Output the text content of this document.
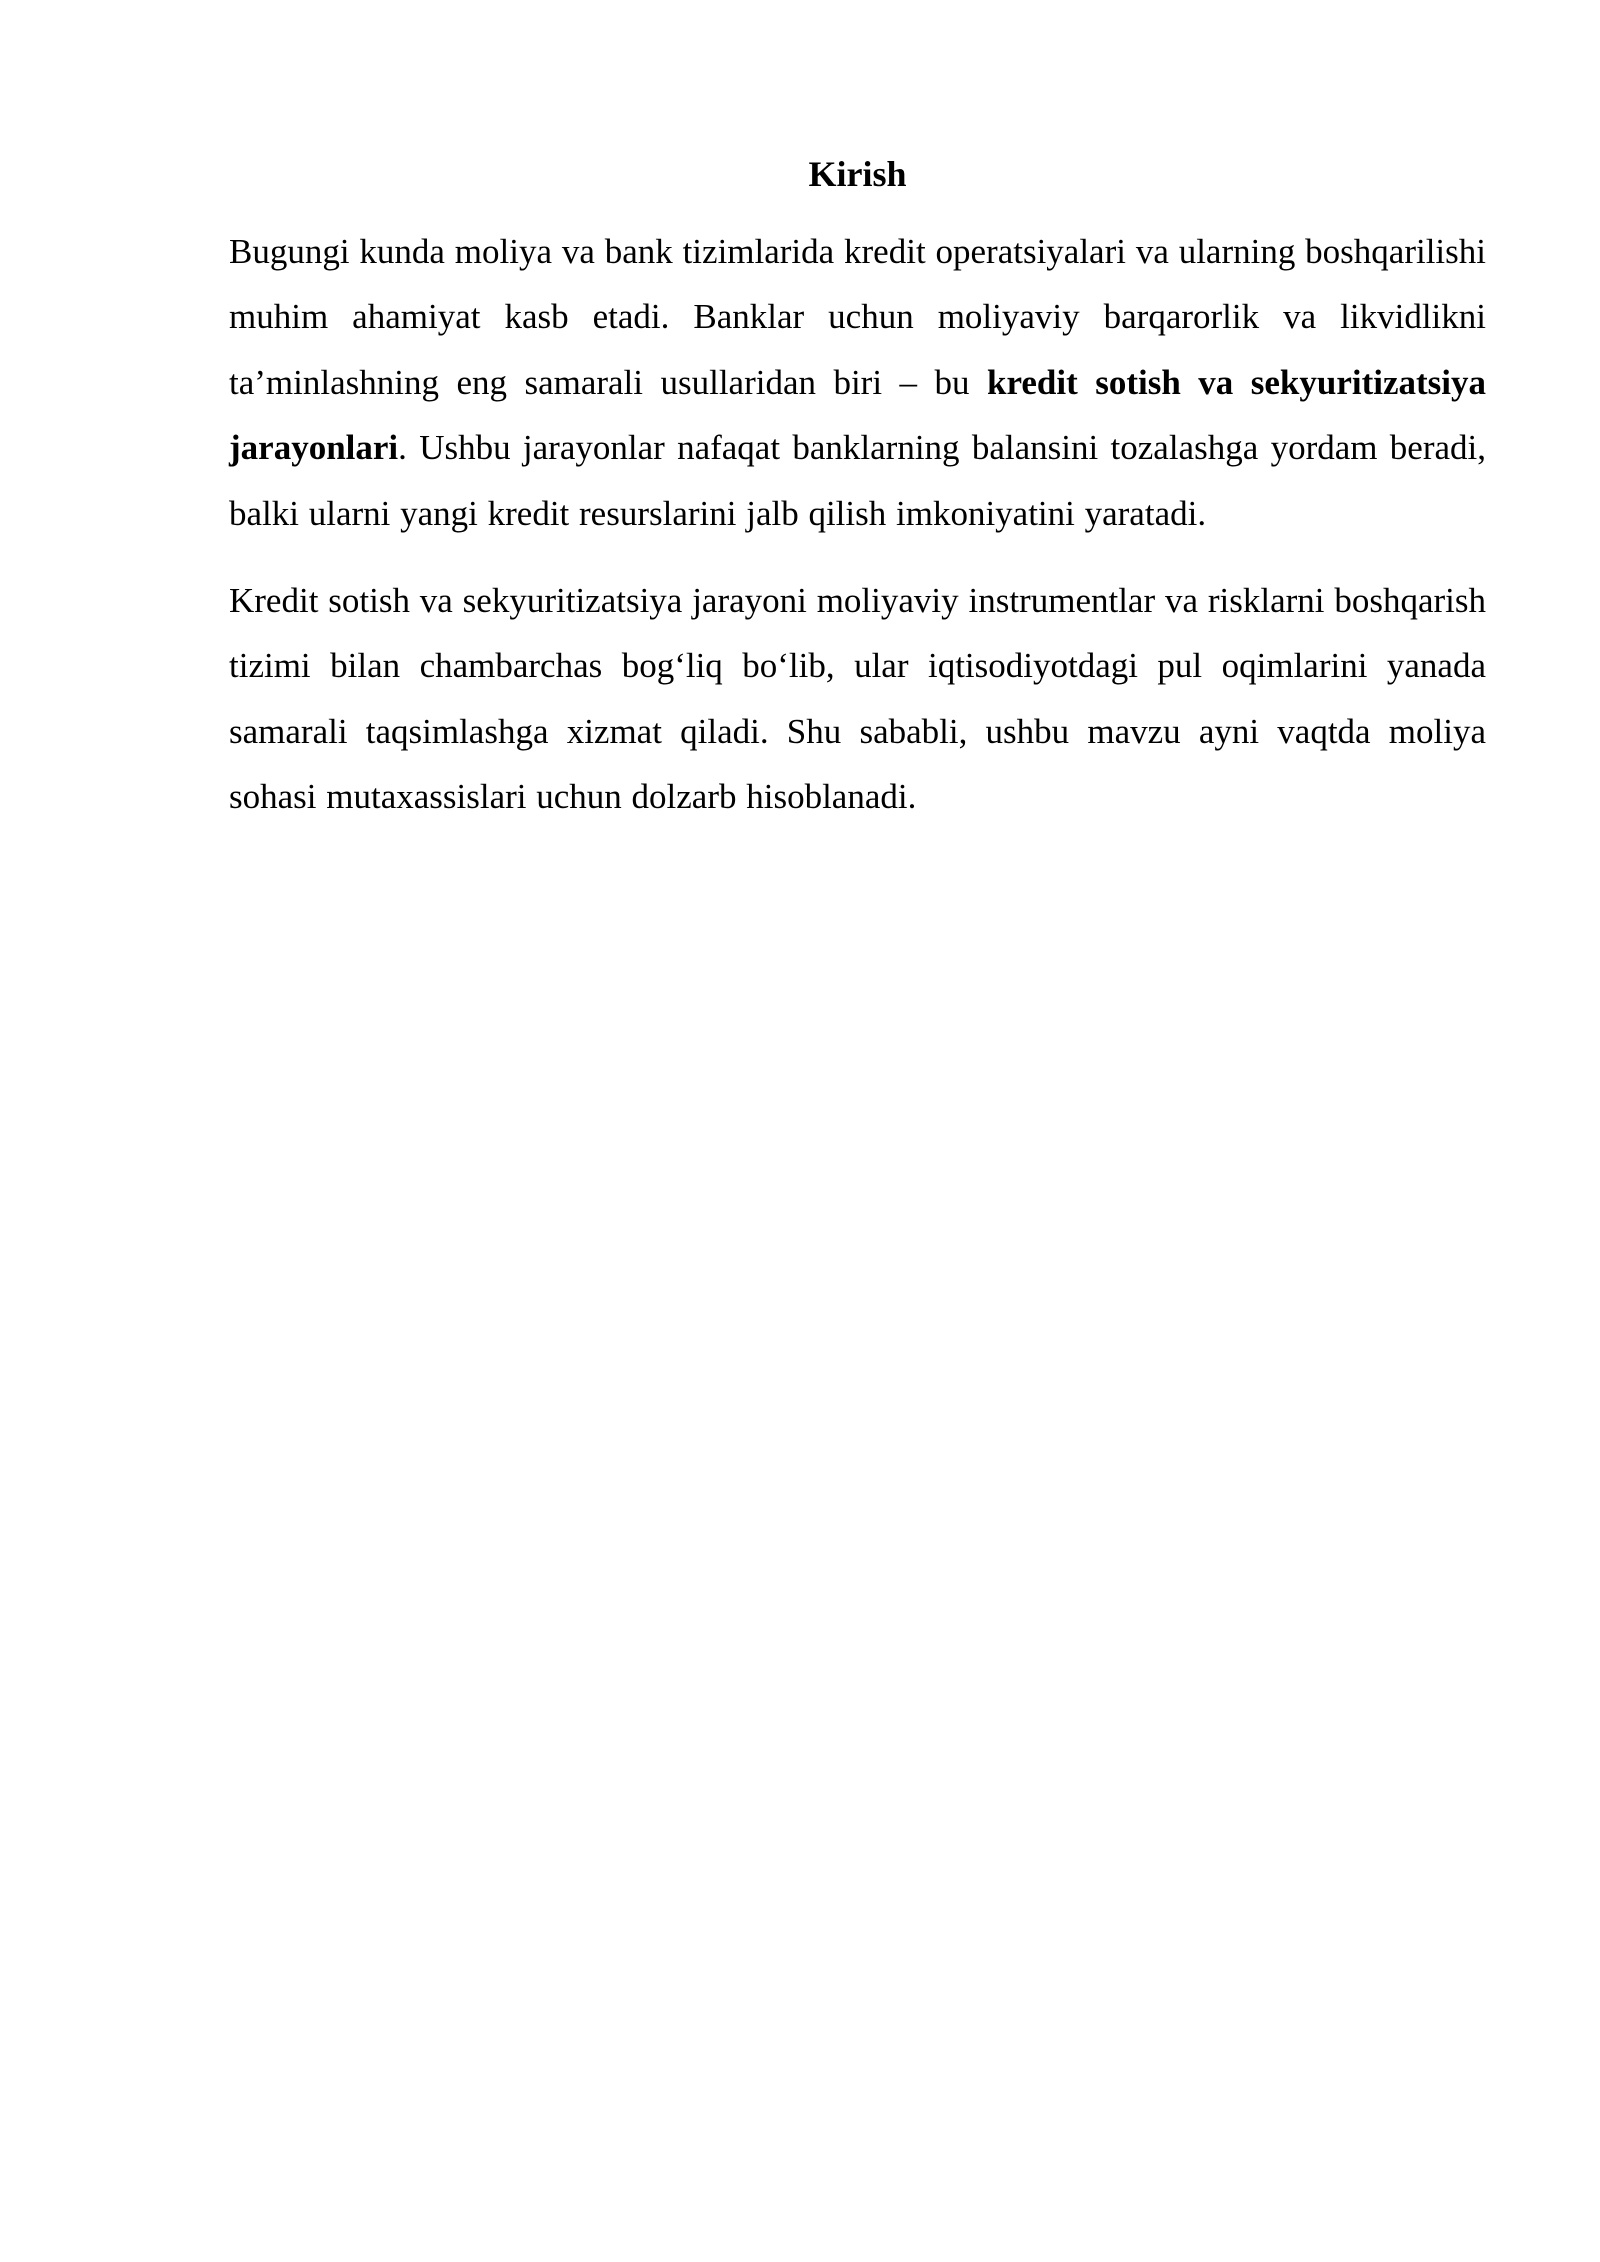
Kirish

Bugungi kunda moliya va bank tizimlarida kredit operatsiyalari va ularning boshqarilishi muhim ahamiyat kasb etadi. Banklar uchun moliyaviy barqarorlik va likvidlikni ta’minlashning eng samarali usullaridan biri – bu kredit sotish va sekyuritizatsiya jarayonlari. Ushbu jarayonlar nafaqat banklarning balansini tozalashga yordam beradi, balki ularni yangi kredit resurslarini jalb qilish imkoniyatini yaratadi.

Kredit sotish va sekyuritizatsiya jarayoni moliyaviy instrumentlar va risklarni boshqarish tizimi bilan chambarchas bog‘liq bo‘lib, ular iqtisodiyotdagi pul oqimlarini yanada samarali taqsimlashga xizmat qiladi. Shu sababli, ushbu mavzu ayni vaqtda moliya sohasi mutaxassislari uchun dolzarb hisoblanadi.
